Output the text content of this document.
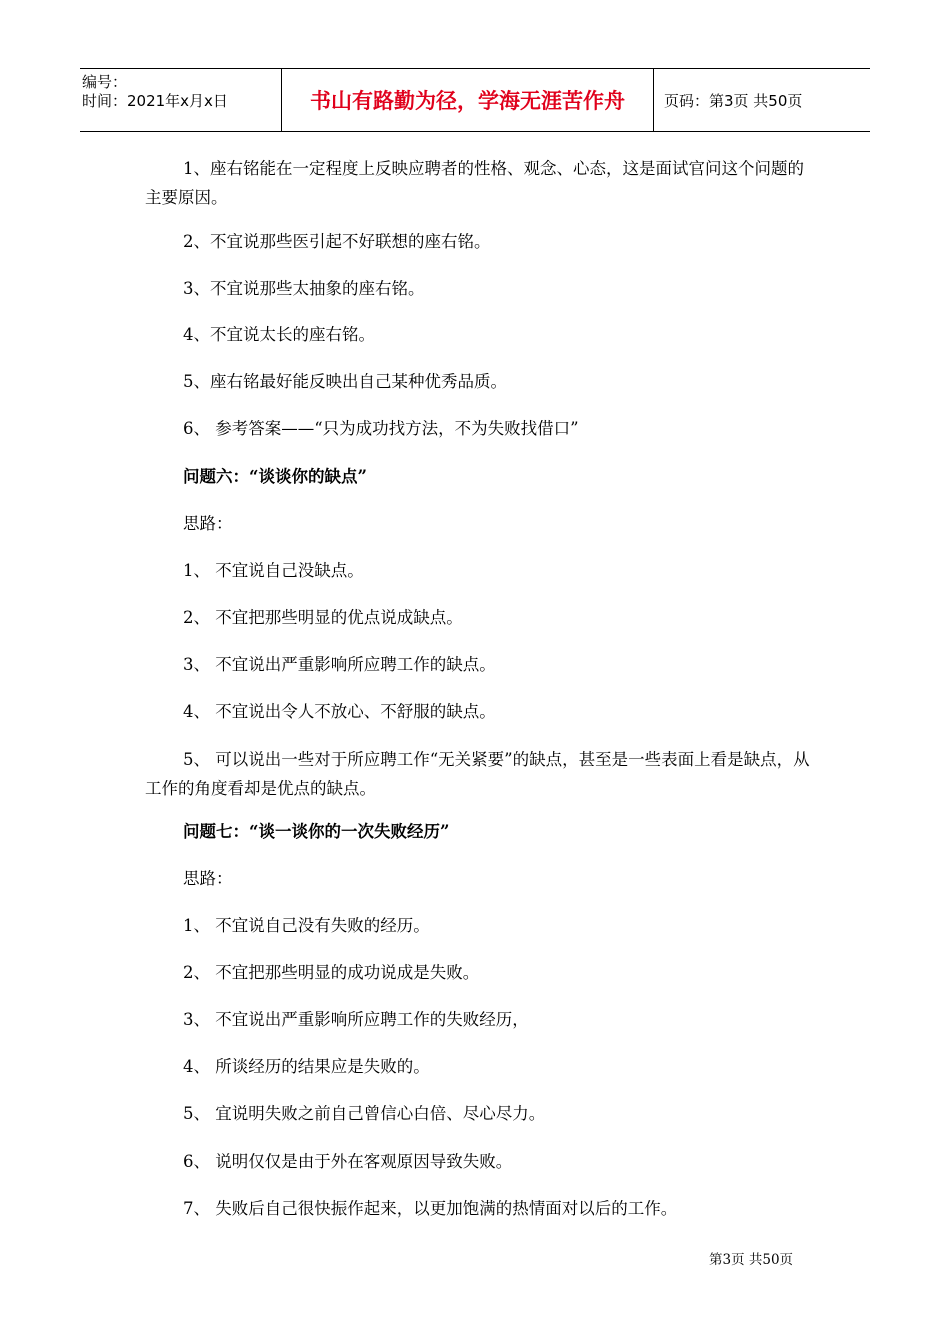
编号：
时间：2021年x月x日	书山有路勤为径，学海无涯苦作舟	页码：第3页 共50页
1、座右铭能在一定程度上反映应聘者的性格、观念、心态，这是面试官问这个问题的主要原因。
2、不宜说那些医引起不好联想的座右铭。
3、不宜说那些太抽象的座右铭。
4、不宜说太长的座右铭。
5、座右铭最好能反映出自己某种优秀品质。
6、 参考答案——“只为成功找方法，不为失败找借口”
问题六：“谈谈你的缺点”
思路：
1、 不宜说自己没缺点。
2、 不宜把那些明显的优点说成缺点。
3、 不宜说出严重影响所应聘工作的缺点。
4、 不宜说出令人不放心、不舒服的缺点。
5、 可以说出一些对于所应聘工作“无关紧要”的缺点，甚至是一些表面上看是缺点，从工作的角度看却是优点的缺点。
问题七：“谈一谈你的一次失败经历”
思路：
1、 不宜说自己没有失败的经历。
2、 不宜把那些明显的成功说成是失败。
3、 不宜说出严重影响所应聘工作的失败经历，
4、 所谈经历的结果应是失败的。
5、 宜说明失败之前自己曾信心白倍、尽心尽力。
6、 说明仅仅是由于外在客观原因导致失败。
7、 失败后自己很快振作起来，以更加饱满的热情面对以后的工作。
第3页 共50页
